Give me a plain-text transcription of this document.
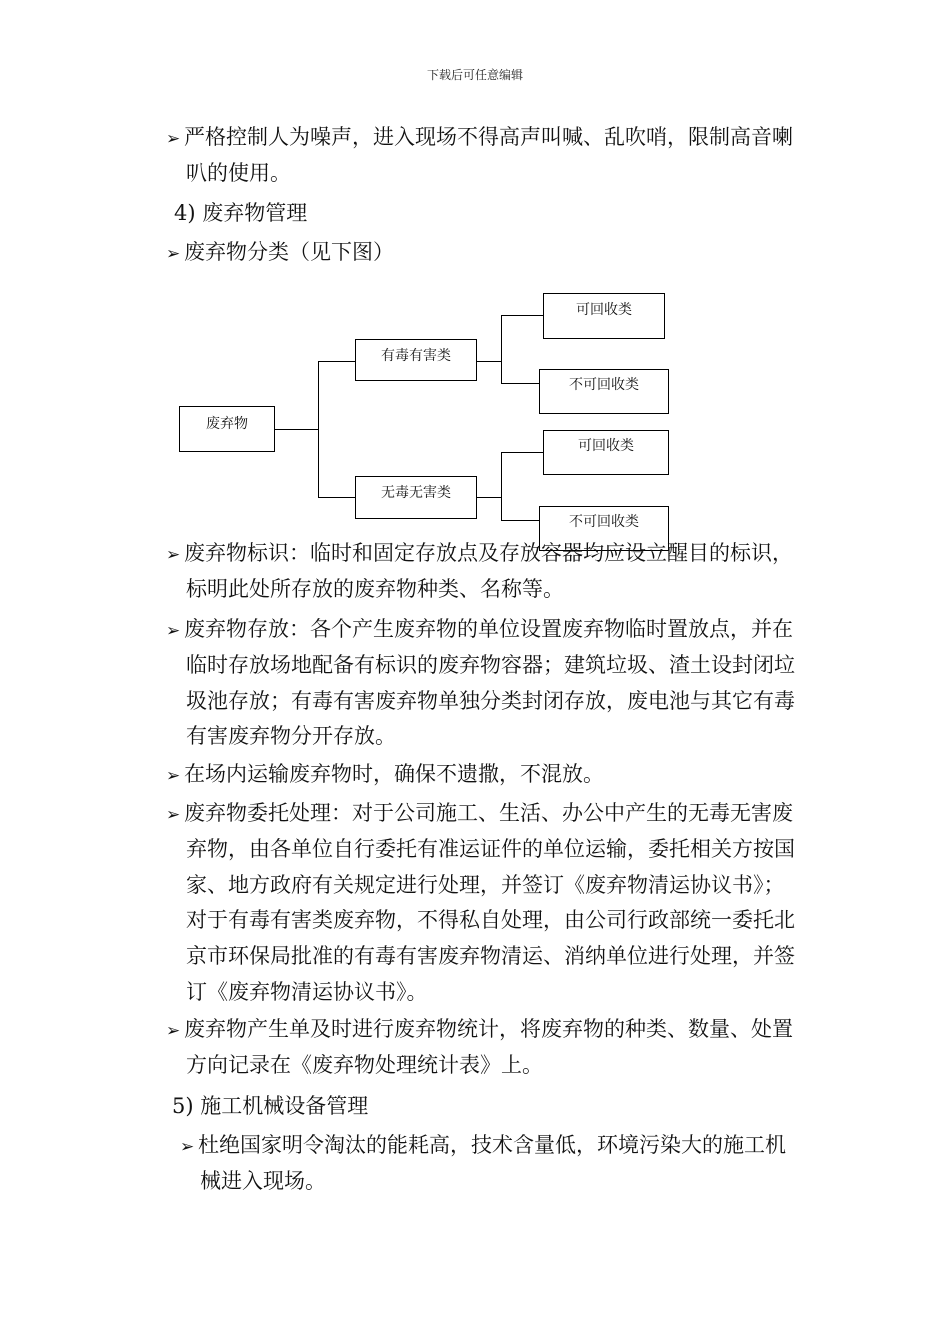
下载后可任意编辑
➢ 严格控制人为噪声，进入现场不得高声叫喊、乱吹哨，限制高音喇
叭的使用。
4) 废弃物管理
➢ 废弃物分类（见下图）
废弃物
有毒有害类
无毒无害类
可回收类
不可回收类
可回收类
不可回收类
➢ 废弃物标识：临时和固定存放点及存放容器均应设立醒目的标识，
标明此处所存放的废弃物种类、名称等。
➢ 废弃物存放：各个产生废弃物的单位设置废弃物临时置放点，并在
临时存放场地配备有标识的废弃物容器；建筑垃圾、渣土设封闭垃
圾池存放；有毒有害废弃物单独分类封闭存放，废电池与其它有毒
有害废弃物分开存放。
➢ 在场内运输废弃物时，确保不遗撒，不混放。
➢ 废弃物委托处理：对于公司施工、生活、办公中产生的无毒无害废
弃物，由各单位自行委托有准运证件的单位运输，委托相关方按国
家、地方政府有关规定进行处理，并签订《废弃物清运协议书》；
对于有毒有害类废弃物，不得私自处理，由公司行政部统一委托北
京市环保局批准的有毒有害废弃物清运、消纳单位进行处理，并签
订《废弃物清运协议书》。
➢ 废弃物产生单及时进行废弃物统计，将废弃物的种类、数量、处置
方向记录在《废弃物处理统计表》上。
5) 施工机械设备管理
➢ 杜绝国家明令淘汰的能耗高，技术含量低，环境污染大的施工机
械进入现场。
